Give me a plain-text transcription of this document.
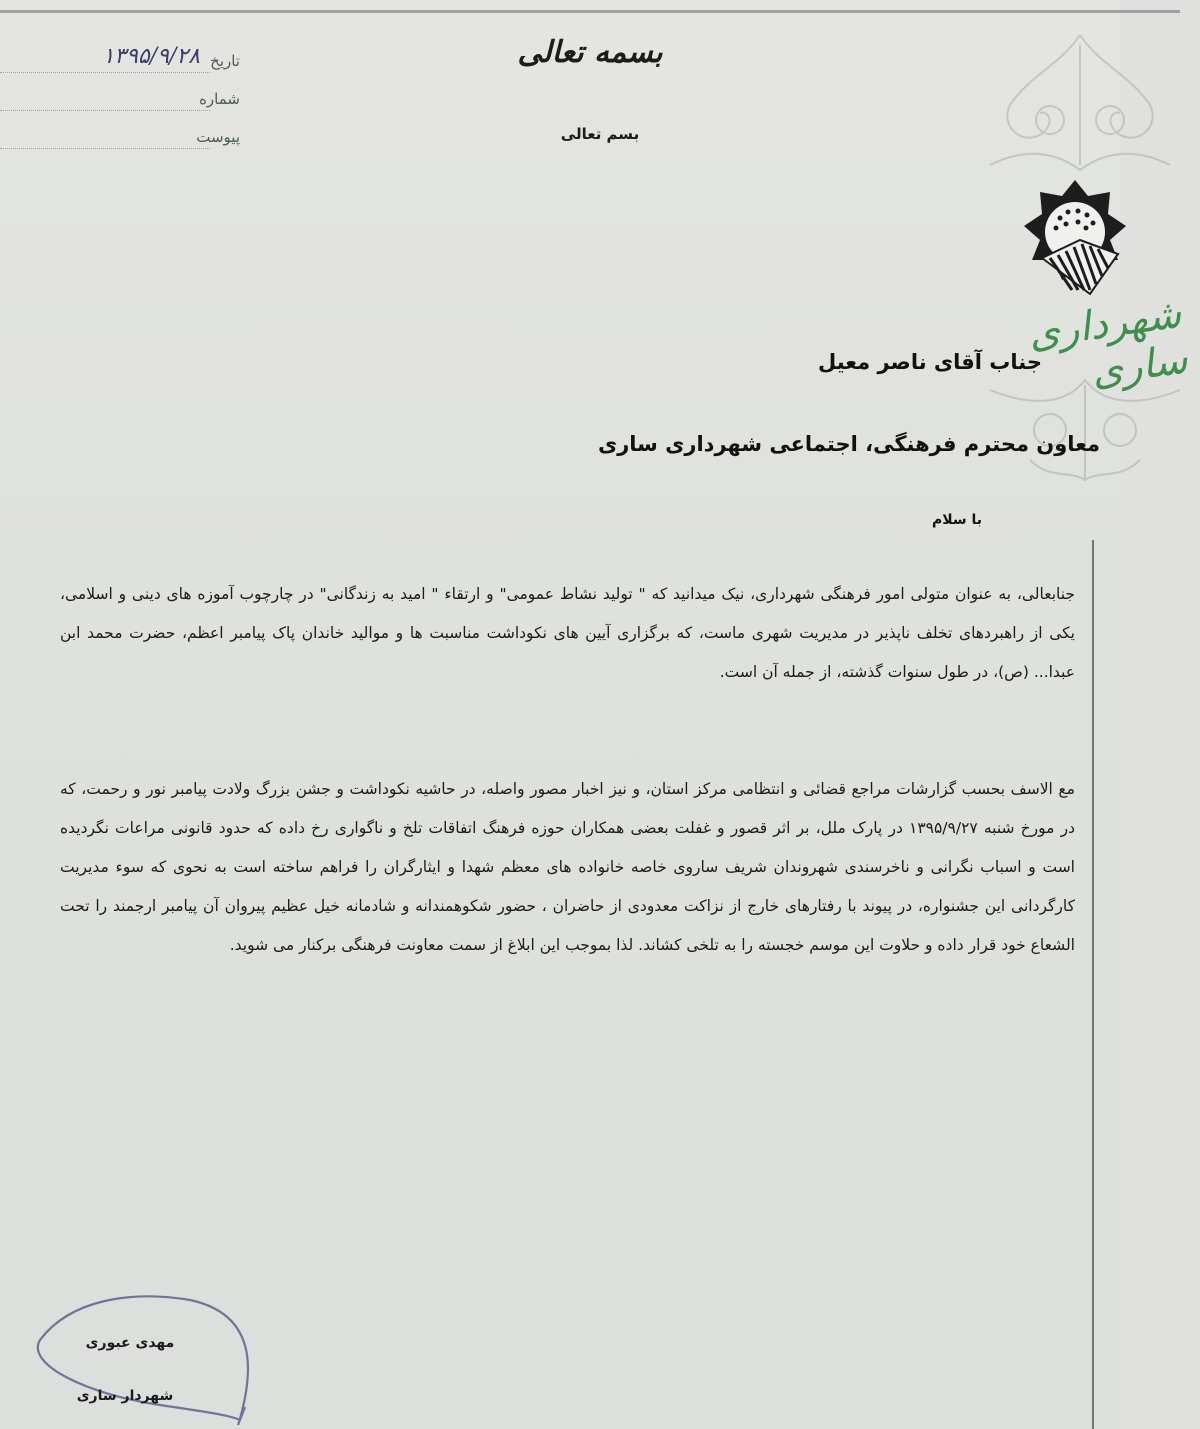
تاریخ
۱۳۹۵/۹/۲۸
شماره
پیوست
بسمه تعالی
بسم تعالی
شهرداری ساری
جناب آقای ناصر معیل
معاون محترم فرهنگی، اجتماعی شهرداری ساری
با سلام
جنابعالی، به عنوان متولی امور فرهنگی شهرداری، نیک میدانید که " تولید نشاط عمومی" و ارتقاء " امید به زندگانی" در چارچوب آموزه های دینی و اسلامی، یکی از راهبردهای تخلف ناپذیر در مدیریت شهری ماست، که برگزاری آیین های نکوداشت مناسبت ها و موالید خاندان پاک پیامبر اعظم، حضرت محمد ابن عبدا... (ص)، در طول سنوات گذشته، از جمله آن است.
مع الاسف بحسب گزارشات مراجع قضائی و انتظامی مرکز استان، و نیز اخبار مصور واصله، در حاشیه نکوداشت و جشن بزرگ ولادت پیامبر نور و رحمت، که در مورخ شنبه ۱۳۹۵/۹/۲۷ در پارک ملل، بر اثر قصور و غفلت بعضی همکاران حوزه فرهنگ اتفاقات تلخ و ناگواری رخ داده که حدود قانونی مراعات نگردیده است و اسباب نگرانی و ناخرسندی شهروندان شریف ساروی خاصه خانواده های معظم شهدا و ایثارگران را فراهم ساخته است به نحوی که سوء مدیریت کارگردانی این جشنواره، در پیوند با رفتارهای خارج از نزاکت معدودی از حاضران ، حضور شکوهمندانه و شادمانه خیل عظیم پیروان آن پیامبر ارجمند را تحت الشعاع خود قرار داده و حلاوت این موسم خجسته را به تلخی کشاند. لذا بموجب این ابلاغ از سمت معاونت فرهنگی برکنار می شوید.
مهدی عبوری
شهردار ساری
